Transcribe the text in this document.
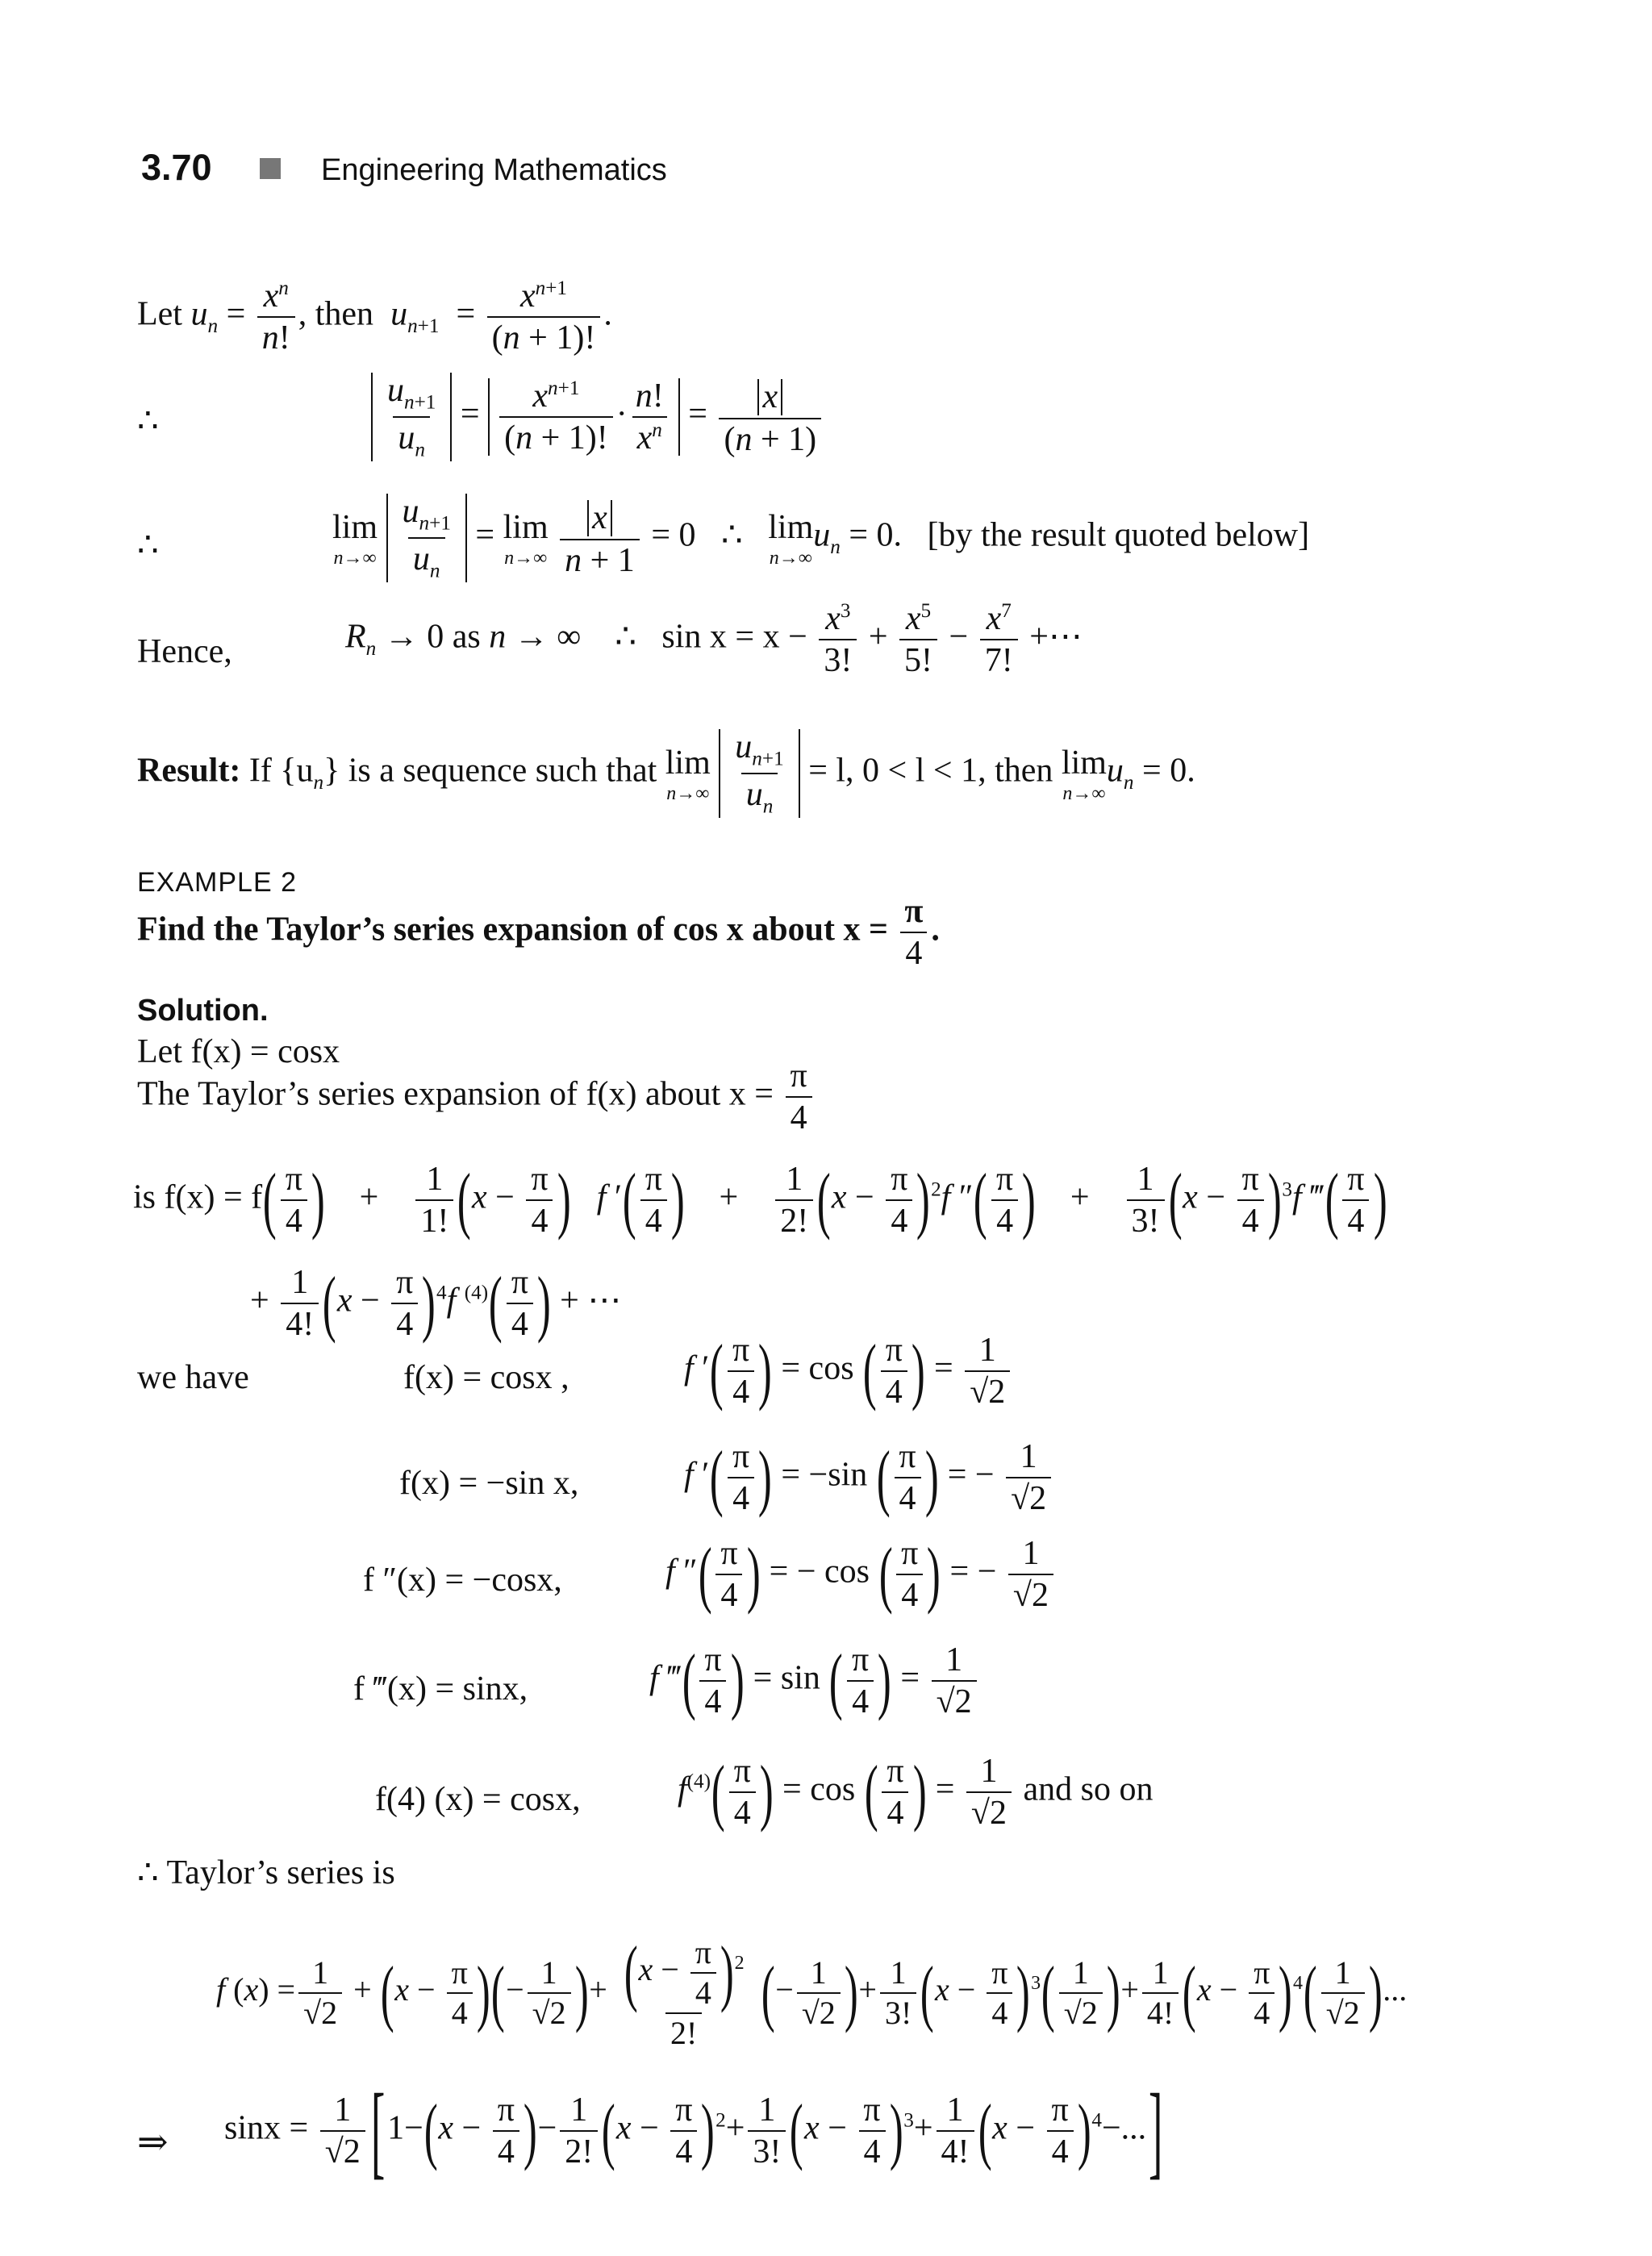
3.70	Engineering Mathematics
Let $u_n = \frac{x^n}{n!}$ , then $u_{n+1} = \frac{x^{n+1}}{(n + 1)!}$ .
∴	$\frac{u_{n+1}}{u_n} = \frac{x^{n+1}}{(n + 1)!} \cdot \frac{n!}{x^n} = \frac{x}{(n + 1)}$
∴	lim
n→∞
$\frac{u_{n+1}}{u_n} = \lim$
n→∞
$\frac{x}{n + 1} = 0$ ∴ lim
n→∞
$u_n = 0$.   [by the result quoted below]
Hence,	$R_n \to 0$ as n → ∞    ∴   $\sin x = x - \frac{x^3}{3!} + \frac{x^5}{5!} - \frac{x^7}{7!}$ +⋯
Result: If $\{u_n\}$ is a sequence such that lim
n→∞
$\frac{u_{n+1}}{u_n} = l$, 0 < l < 1, then lim
n→∞
$u_n = 0$.
EXAMPLE 2
Find the Taylor’s series expansion of cos x about $x = \frac{\pi}{4}$ .
Solution.
Let f(x) = cosx
The Taylor’s series expansion of f(x) about $x = \frac{\pi}{4}$
is $f(x) = f( \frac{\pi}{4}$ )    + $\frac{1}{1!} (x - \frac{\pi}{4}$ ) f ′( $\frac{\pi}{4}$ )    + $\frac{1}{2!} (x - \frac{\pi}{4} )^2f$ ″( $\frac{\pi}{4}$ )    + $\frac{1}{3!} (x - \frac{\pi}{4} )^3f$ ‴( $\frac{\pi}{4}$ )
+ $\frac{1}{4!} (x - \frac{\pi}{4} )^4f$ $^{(4)}( \frac{\pi}{4}$ ) + ⋯
we have	f(x) = cosx ,	f ′( $\frac{\pi}{4}$ ) = cos ( $\frac{\pi}{4}$ ) = $\frac{1}{√2}$
f(x) = −sin x,	f ′( $\frac{\pi}{4}$ ) = −sin ( $\frac{\pi}{4}$ ) = − $\frac{1}{√2}$
f ″(x) = −cosx,	f ″( $\frac{\pi}{4}$ ) = − cos ( $\frac{\pi}{4}$ ) = − $\frac{1}{√2}$
f ‴(x) = sinx,	f ‴( $\frac{\pi}{4}$ ) = sin ( $\frac{\pi}{4}$ ) = $\frac{1}{√2}$
f(4) (x) = cosx,	$f^{(4)}( \frac{\pi}{4}$ ) = cos ( $\frac{\pi}{4}$ ) = $\frac{1}{√2}$ and so on
∴ Taylor’s series is
f $(x) = \frac{1}{√2} + (x - \frac{\pi}{4}$ )(− $\frac{1}{√2}$ )+ $\frac{(x - \frac{\pi}{4} )^2}{2!}$ (− $\frac{1}{√2}$ )+ $\frac{1}{3!} (x - \frac{\pi}{4} )^3( \frac{1}{√2}$ )+ $\frac{1}{4!} (x - \frac{\pi}{4} )^4( \frac{1}{√2}$ )...
⇒ $\sin x = \frac{1}{√2} [1-(x - \frac{\pi}{4}$ )− $\frac{1}{2!} (x - \frac{\pi}{4} )^2+ \frac{1}{3!} (x - \frac{\pi}{4} )^3+ \frac{1}{4!} (x - \frac{\pi}{4} )^4-$...]
